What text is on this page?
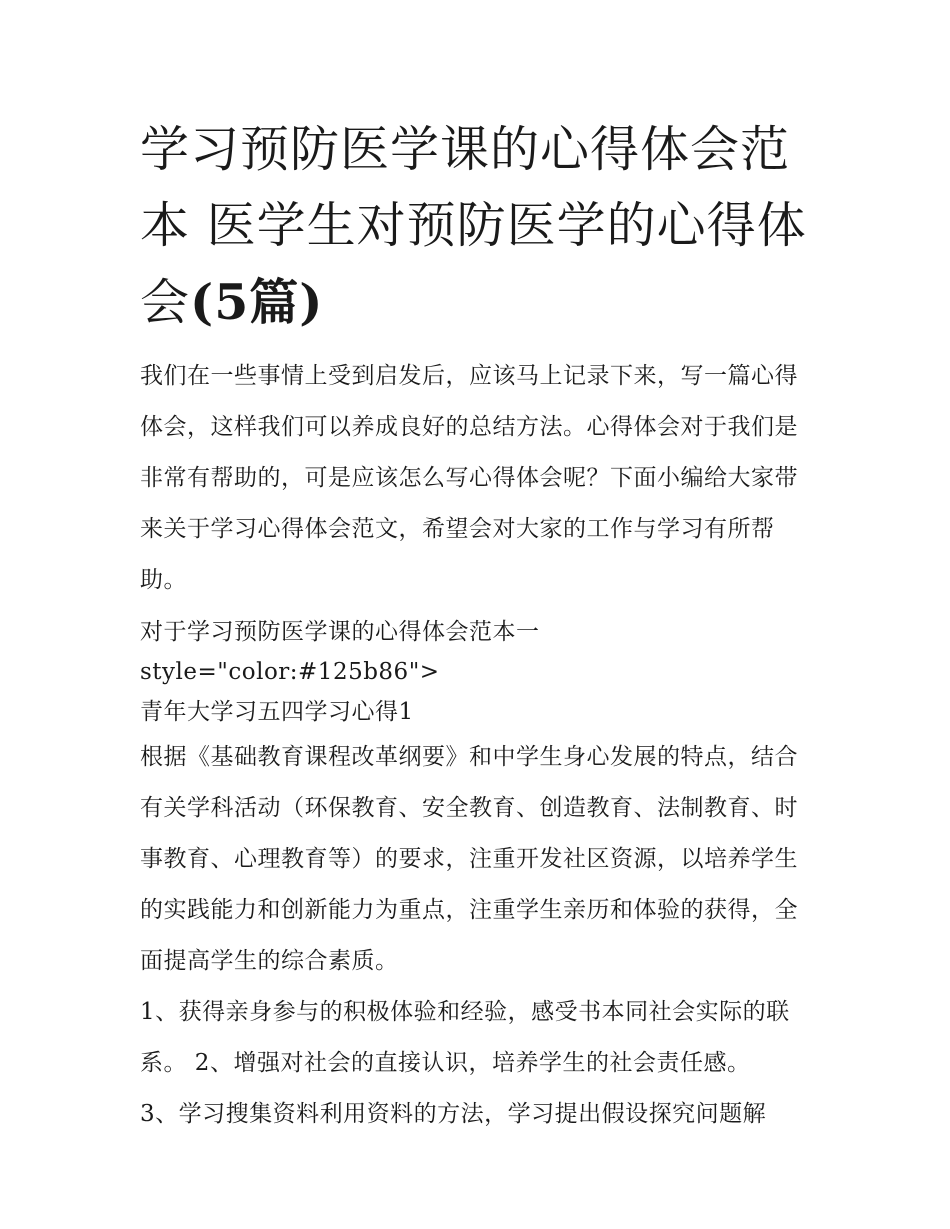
学习预防医学课的心得体会范本 医学生对预防医学的心得体会(5篇)

我们在一些事情上受到启发后，应该马上记录下来，写一篇心得体会，这样我们可以养成良好的总结方法。心得体会对于我们是非常有帮助的，可是应该怎么写心得体会呢？下面小编给大家带来关于学习心得体会范文，希望会对大家的工作与学习有所帮助。

对于学习预防医学课的心得体会范本一 style="color:#125b86">

青年大学习五四学习心得1

根据《基础教育课程改革纲要》和中学生身心发展的特点，结合有关学科活动（环保教育、安全教育、创造教育、法制教育、时事教育、心理教育等）的要求，注重开发社区资源，以培养学生的实践能力和创新能力为重点，注重学生亲历和体验的获得，全面提高学生的综合素质。

1、获得亲身参与的积极体验和经验，感受书本同社会实际的联系。 2、增强对社会的直接认识，培养学生的社会责任感。

3、学习搜集资料利用资料的方法，学习提出假设探究问题解
